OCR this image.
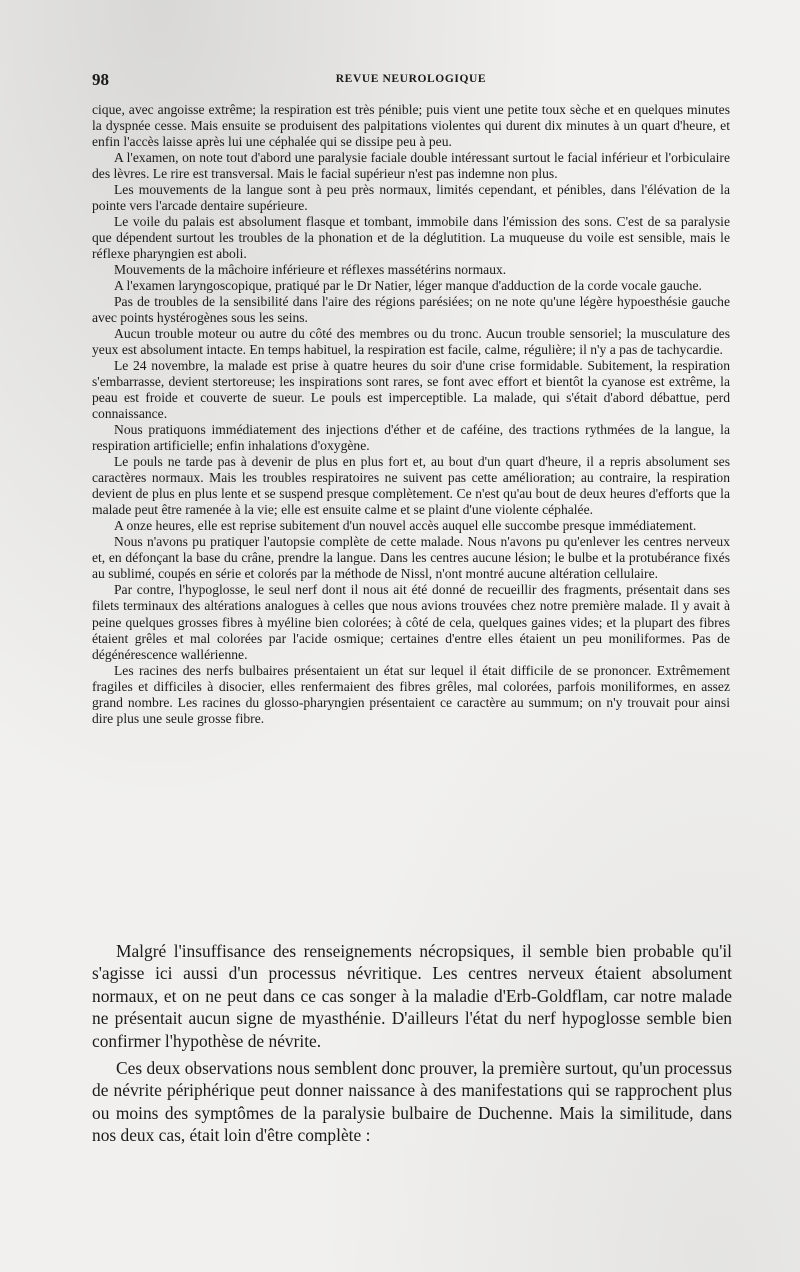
98	REVUE NEUROLOGIQUE

cique, avec angoisse extrême; la respiration est très pénible; puis vient une petite toux sèche et en quelques minutes la dyspnée cesse. Mais ensuite se produisent des palpitations violentes qui durent dix minutes à un quart d'heure, et enfin l'accès laisse après lui une céphalée qui se dissipe peu à peu.

A l'examen, on note tout d'abord une paralysie faciale double intéressant surtout le facial inférieur et l'orbiculaire des lèvres. Le rire est transversal. Mais le facial supérieur n'est pas indemne non plus.

Les mouvements de la langue sont à peu près normaux, limités cependant, et pénibles, dans l'élévation de la pointe vers l'arcade dentaire supérieure.

Le voile du palais est absolument flasque et tombant, immobile dans l'émission des sons. C'est de sa paralysie que dépendent surtout les troubles de la phonation et de la déglutition. La muqueuse du voile est sensible, mais le réflexe pharyngien est aboli.

Mouvements de la mâchoire inférieure et réflexes massétérins normaux.

A l'examen laryngoscopique, pratiqué par le Dr Natier, léger manque d'adduction de la corde vocale gauche.

Pas de troubles de la sensibilité dans l'aire des régions parésiées; on ne note qu'une légère hypoesthésie gauche avec points hystérogènes sous les seins.

Aucun trouble moteur ou autre du côté des membres ou du tronc. Aucun trouble sensoriel; la musculature des yeux est absolument intacte. En temps habituel, la respiration est facile, calme, régulière; il n'y a pas de tachycardie.

Le 24 novembre, la malade est prise à quatre heures du soir d'une crise formidable. Subitement, la respiration s'embarrasse, devient stertoreuse; les inspirations sont rares, se font avec effort et bientôt la cyanose est extrême, la peau est froide et couverte de sueur. Le pouls est imperceptible. La malade, qui s'était d'abord débattue, perd connaissance.

Nous pratiquons immédiatement des injections d'éther et de caféine, des tractions rythmées de la langue, la respiration artificielle; enfin inhalations d'oxygène.

Le pouls ne tarde pas à devenir de plus en plus fort et, au bout d'un quart d'heure, il a repris absolument ses caractères normaux. Mais les troubles respiratoires ne suivent pas cette amélioration; au contraire, la respiration devient de plus en plus lente et se suspend presque complètement. Ce n'est qu'au bout de deux heures d'efforts que la malade peut être ramenée à la vie; elle est ensuite calme et se plaint d'une violente céphalée.

A onze heures, elle est reprise subitement d'un nouvel accès auquel elle succombe presque immédiatement.

Nous n'avons pu pratiquer l'autopsie complète de cette malade. Nous n'avons pu qu'enlever les centres nerveux et, en défonçant la base du crâne, prendre la langue. Dans les centres aucune lésion; le bulbe et la protubérance fixés au sublimé, coupés en série et colorés par la méthode de Nissl, n'ont montré aucune altération cellulaire.

Par contre, l'hypoglosse, le seul nerf dont il nous ait été donné de recueillir des fragments, présentait dans ses filets terminaux des altérations analogues à celles que nous avions trouvées chez notre première malade. Il y avait à peine quelques grosses fibres à myéline bien colorées; à côté de cela, quelques gaines vides; et la plupart des fibres étaient grêles et mal colorées par l'acide osmique; certaines d'entre elles étaient un peu moniliformes. Pas de dégénérescence wallérienne.

Les racines des nerfs bulbaires présentaient un état sur lequel il était difficile de se prononcer. Extrêmement fragiles et difficiles à disocier, elles renfermaient des fibres grêles, mal colorées, parfois moniliformes, en assez grand nombre. Les racines du glosso-pharyngien présentaient ce caractère au summum; on n'y trouvait pour ainsi dire plus une seule grosse fibre.

Malgré l'insuffisance des renseignements nécropsiques, il semble bien probable qu'il s'agisse ici aussi d'un processus névritique. Les centres nerveux étaient absolument normaux, et on ne peut dans ce cas songer à la maladie d'Erb-Goldflam, car notre malade ne présentait aucun signe de myasthénie. D'ailleurs l'état du nerf hypoglosse semble bien confirmer l'hypothèse de névrite.

Ces deux observations nous semblent donc prouver, la première surtout, qu'un processus de névrite périphérique peut donner naissance à des manifestations qui se rapprochent plus ou moins des symptômes de la paralysie bulbaire de Duchenne. Mais la similitude, dans nos deux cas, était loin d'être complète :
